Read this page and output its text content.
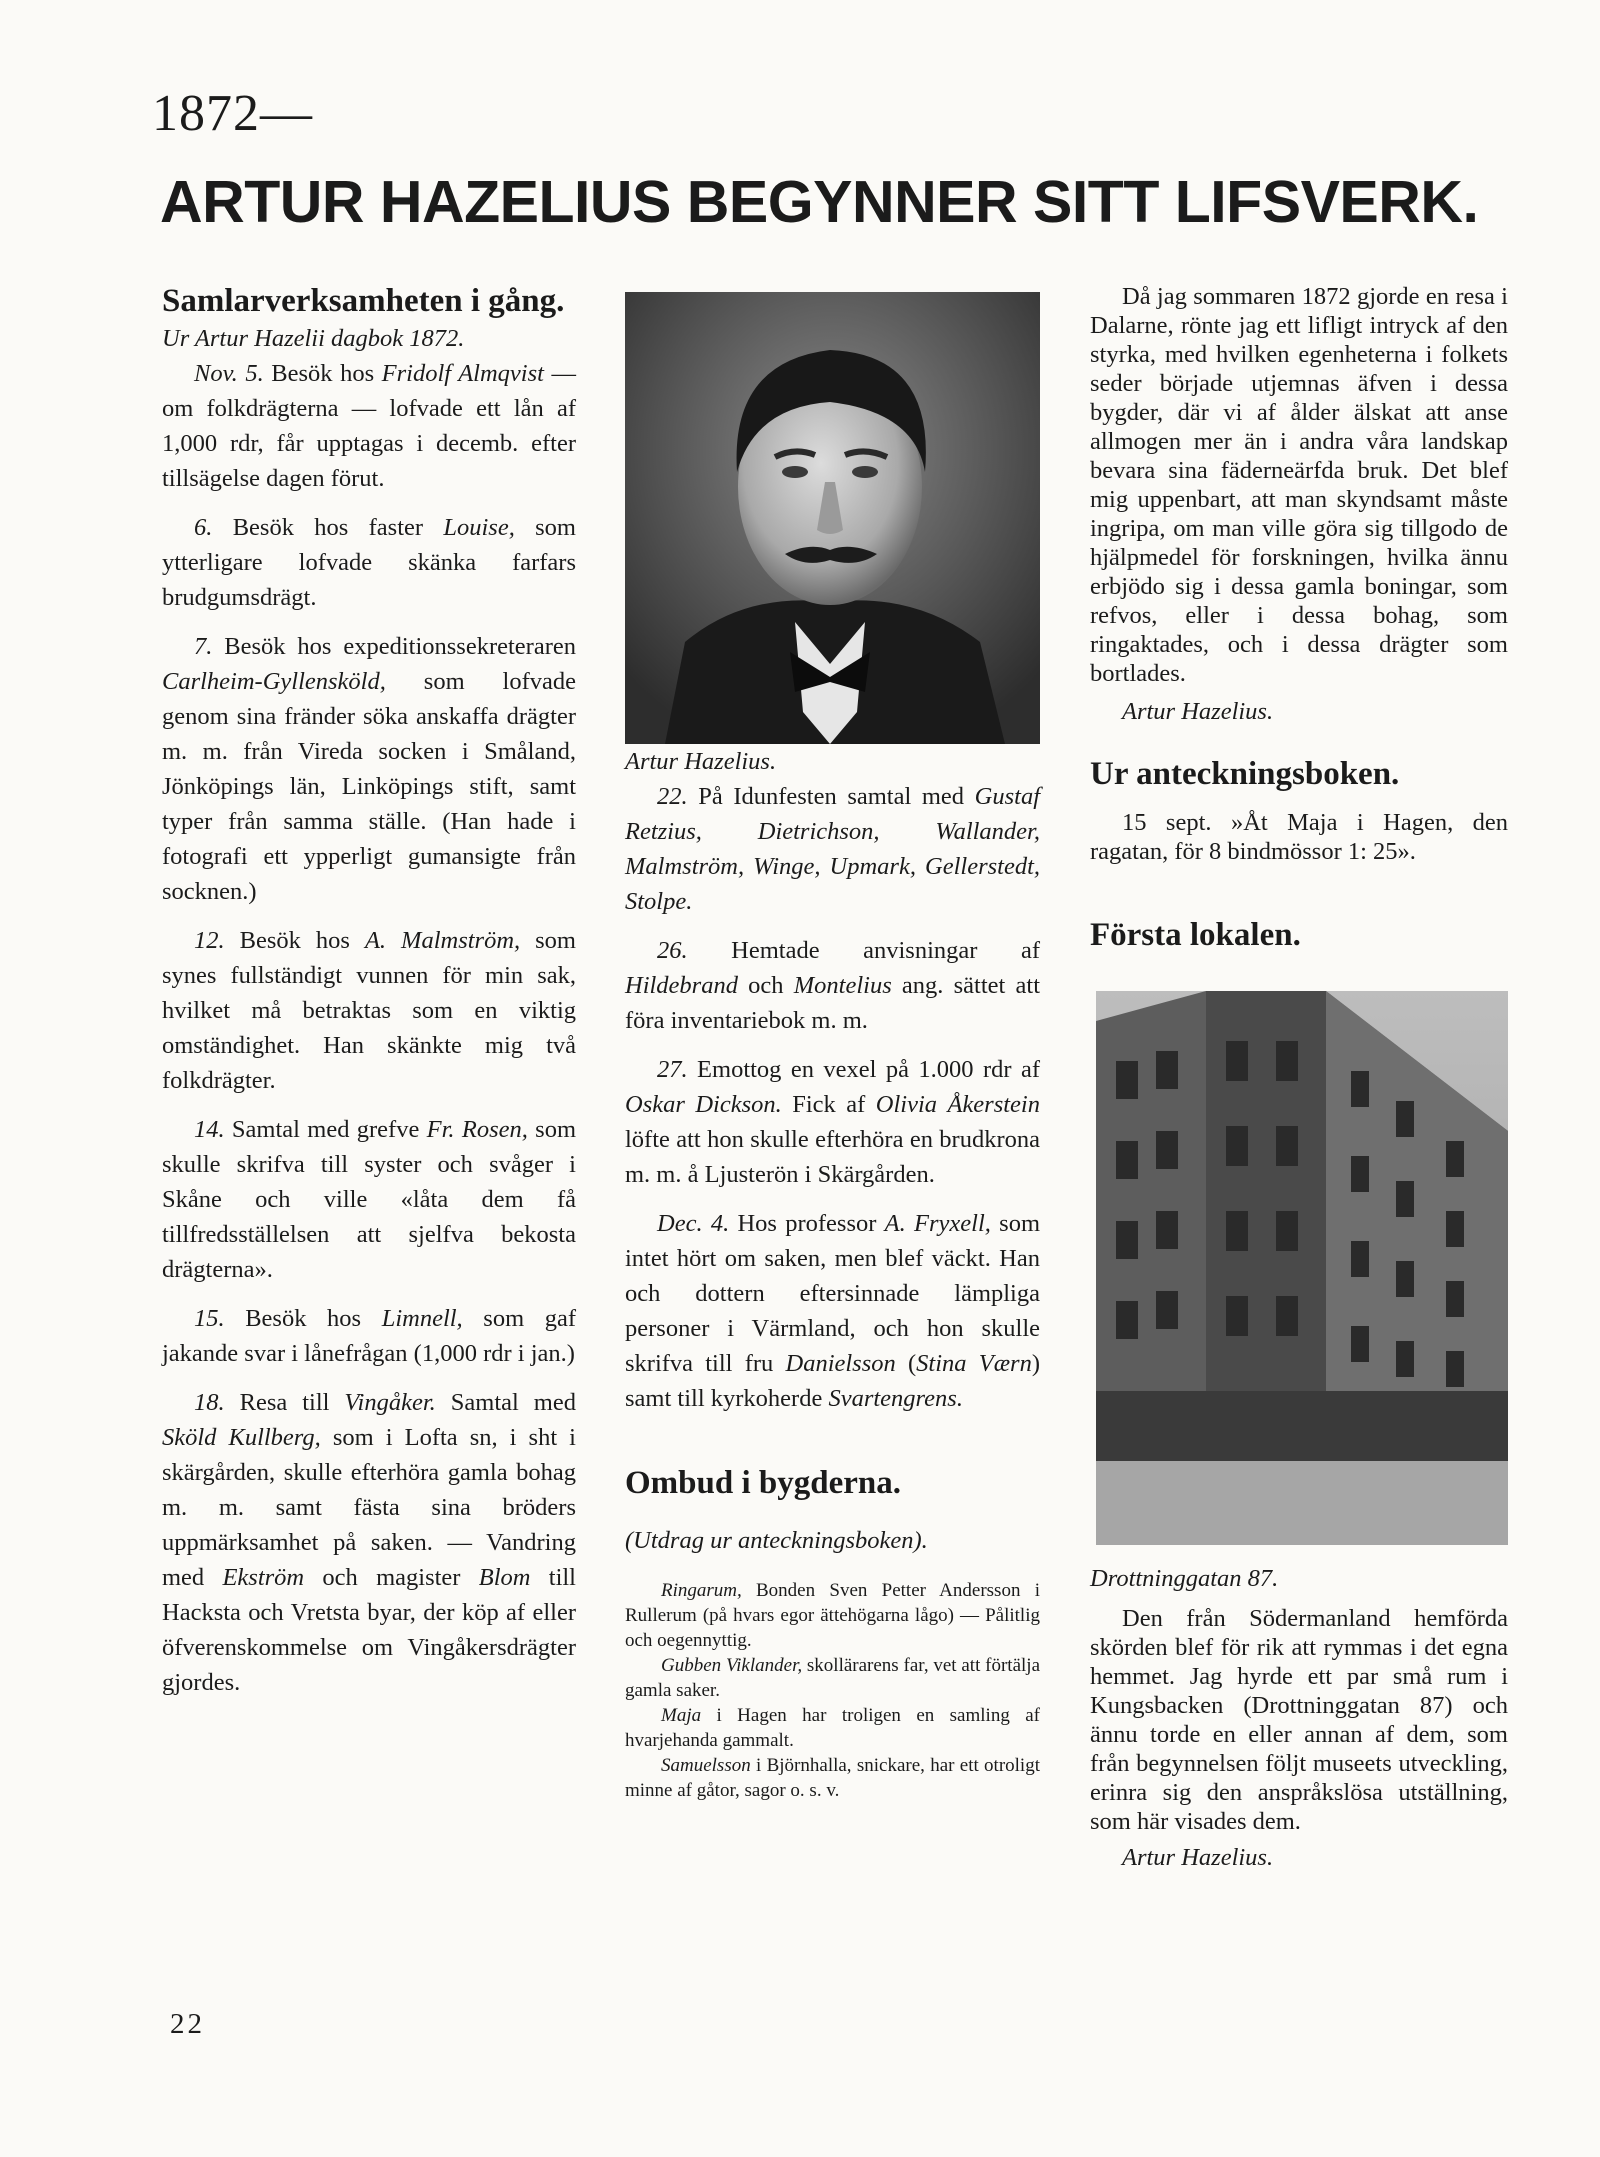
1872—
ARTUR HAZELIUS BEGYNNER SITT LIFSVERK.

Samlarverksamheten i gång.

Ur Artur Hazelii dagbok 1872.

Nov. 5. Besök hos Fridolf Almqvist — om folkdrägterna — lofvade ett lån af 1,000 rdr, får upptagas i decemb. efter tillsägelse dagen förut.

6. Besök hos faster Louise, som ytterligare lofvade skänka farfars brudgumsdrägt.

7. Besök hos expeditionssekreteraren Carlheim-Gyllensköld, som lofvade genom sina fränder söka anskaffa drägter m. m. från Vireda socken i Småland, Jönköpings län, Linköpings stift, samt typer från samma ställe. (Han hade i fotografi ett ypperligt gumansigte från socknen.)

12. Besök hos A. Malmström, som synes fullständigt vunnen för min sak, hvilket må betraktas som en viktig omständighet. Han skänkte mig två folkdrägter.

14. Samtal med grefve Fr. Rosen, som skulle skrifva till syster och svåger i Skåne och ville «låta dem få tillfredsställelsen att sjelfva bekosta drägterna».

15. Besök hos Limnell, som gaf jakande svar i lånefrågan (1,000 rdr i jan.)

18. Resa till Vingåker. Samtal med Sköld Kullberg, som i Lofta sn, i sht i skärgården, skulle efterhöra gamla bohag m. m. samt fästa sina bröders uppmärksamhet på saken. — Vandring med Ekström och magister Blom till Hacksta och Vretsta byar, der köp af eller öfverenskommelse om Vingåkersdrägter gjordes.

Artur Hazelius.

22. På Idunfesten samtal med Gustaf Retzius, Dietrichson, Wallander, Malmström, Winge, Upmark, Gellerstedt, Stolpe.

26. Hemtade anvisningar af Hildebrand och Montelius ang. sättet att föra inventariebok m. m.

27. Emottog en vexel på 1.000 rdr af Oskar Dickson. Fick af Olivia Åkerstein löfte att hon skulle efterhöra en brudkrona m. m. å Ljusterön i Skärgården.

Dec. 4. Hos professor A. Fryxell, som intet hört om saken, men blef väckt. Han och dottern eftersinnade lämpliga personer i Värmland, och hon skulle skrifva till fru Danielsson (Stina Værn) samt till kyrkoherde Svartengrens.

Ombud i bygderna.

(Utdrag ur anteckningsboken).

Ringarum, Bonden Sven Petter Andersson i Rullerum (på hvars egor ättehögarna lågo) — Pålitlig och oegennyttig.

Gubben Viklander, skollärarens far, vet att förtälja gamla saker.

Maja i Hagen har troligen en samling af hvarjehanda gammalt.

Samuelsson i Björnhalla, snickare, har ett otroligt minne af gåtor, sagor o. s. v.

Då jag sommaren 1872 gjorde en resa i Dalarne, rönte jag ett lifligt intryck af den styrka, med hvilken egenheterna i folkets seder började utjemnas äfven i dessa bygder, där vi af ålder älskat att anse allmogen mer än i andra våra landskap bevara sina fäderneärfda bruk. Det blef mig uppenbart, att man skyndsamt måste ingripa, om man ville göra sig tillgodo de hjälpmedel för forskningen, hvilka ännu erbjödo sig i dessa gamla boningar, som refvos, eller i dessa bohag, som ringaktades, och i dessa drägter som bortlades.

Artur Hazelius.

Ur anteckningsboken.

15 sept. »Åt Maja i Hagen, den ragatan, för 8 bindmössor 1: 25».

Första lokalen.

Drottninggatan 87.

Den från Södermanland hemförda skörden blef för rik att rymmas i det egna hemmet. Jag hyrde ett par små rum i Kungsbacken (Drottninggatan 87) och ännu torde en eller annan af dem, som från begynnelsen följt museets utveckling, erinra sig den anspråkslösa utställning, som här visades dem.

Artur Hazelius.

22
